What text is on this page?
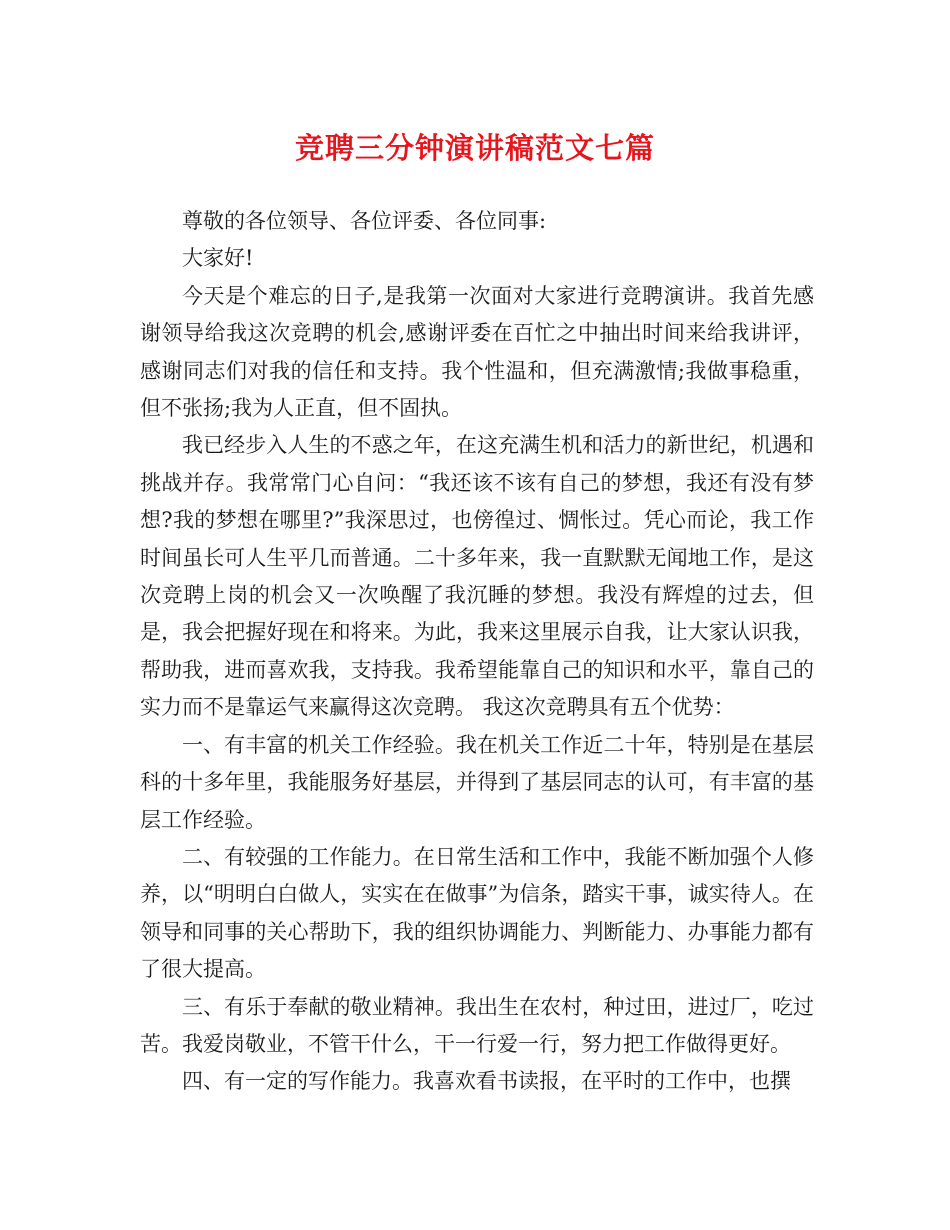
竞聘三分钟演讲稿范文七篇

尊敬的各位领导、各位评委、各位同事:

大家好!

今天是个难忘的日子,是我第一次面对大家进行竞聘演讲。我首先感谢领导给我这次竞聘的机会,感谢评委在百忙之中抽出时间来给我讲评，感谢同志们对我的信任和支持。我个性温和，但充满激情;我做事稳重，但不张扬;我为人正直，但不固执。

我已经步入人生的不惑之年，在这充满生机和活力的新世纪，机遇和挑战并存。我常常门心自问：“我还该不该有自己的梦想，我还有没有梦想?我的梦想在哪里?”我深思过，也傍徨过、惆怅过。凭心而论，我工作时间虽长可人生平几而普通。二十多年来，我一直默默无闻地工作，是这次竞聘上岗的机会又一次唤醒了我沉睡的梦想。我没有辉煌的过去，但是，我会把握好现在和将来。为此，我来这里展示自我，让大家认识我，帮助我，进而喜欢我，支持我。我希望能靠自己的知识和水平，靠自己的实力而不是靠运气来赢得这次竞聘。 我这次竞聘具有五个优势：

一、有丰富的机关工作经验。我在机关工作近二十年，特别是在基层科的十多年里，我能服务好基层，并得到了基层同志的认可，有丰富的基层工作经验。

二、有较强的工作能力。在日常生活和工作中，我能不断加强个人修养，以“明明白白做人，实实在在做事”为信条，踏实干事，诚实待人。在领导和同事的关心帮助下，我的组织协调能力、判断能力、办事能力都有了很大提高。

三、有乐于奉献的敬业精神。我出生在农村，种过田，进过厂，吃过苦。我爱岗敬业，不管干什么，干一行爱一行，努力把工作做得更好。

四、有一定的写作能力。我喜欢看书读报，在平时的工作中，也撰
